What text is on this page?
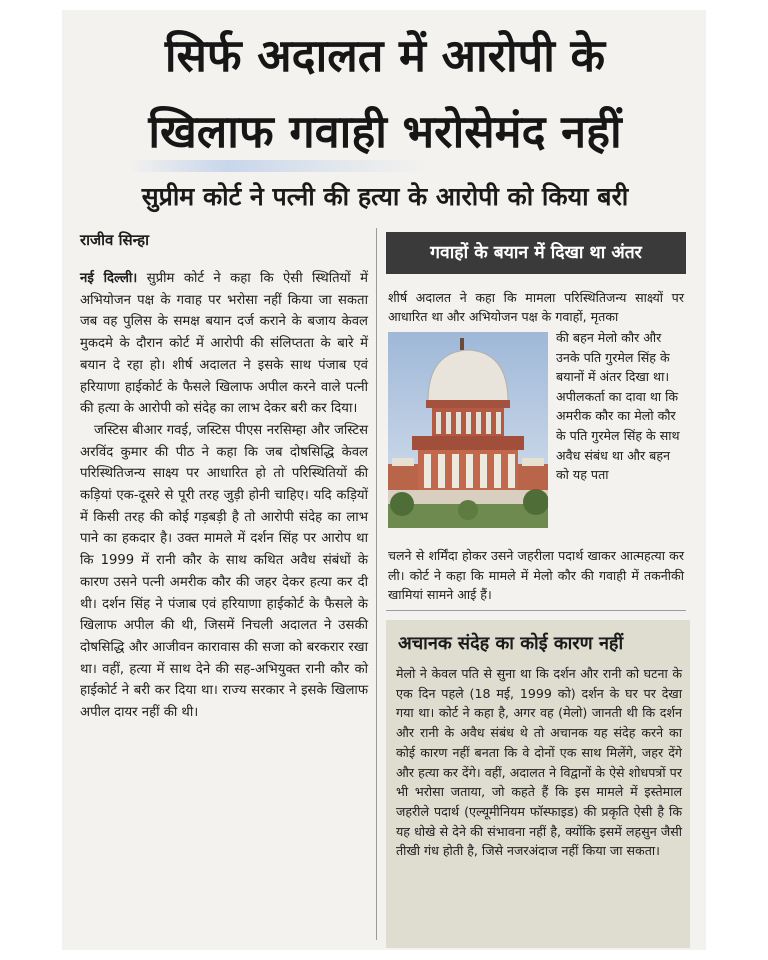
सिर्फ अदालत में आरोपी के
खिलाफ गवाही भरोसेमंद नहीं
सुप्रीम कोर्ट ने पत्नी की हत्या के आरोपी को किया बरी

राजीव सिन्हा

नई दिल्ली। सुप्रीम कोर्ट ने कहा कि ऐसी स्थितियों में अभियोजन पक्ष के गवाह पर भरोसा नहीं किया जा सकता जब वह पुलिस के समक्ष बयान दर्ज कराने के बजाय केवल मुकदमे के दौरान कोर्ट में आरोपी की संलिप्तता के बारे में बयान दे रहा हो। शीर्ष अदालत ने इसके साथ पंजाब एवं हरियाणा हाईकोर्ट के फैसले खिलाफ अपील करने वाले पत्नी की हत्या के आरोपी को संदेह का लाभ देकर बरी कर दिया।

जस्टिस बीआर गवई, जस्टिस पीएस नरसिम्हा और जस्टिस अरविंद कुमार की पीठ ने कहा कि जब दोषसिद्धि केवल परिस्थितिजन्य साक्ष्य पर आधारित हो तो परिस्थितियों की कड़ियां एक-दूसरे से पूरी तरह जुड़ी होनी चाहिए। यदि कड़ियों में किसी तरह की कोई गड़बड़ी है तो आरोपी संदेह का लाभ पाने का हकदार है। उक्त मामले में दर्शन सिंह पर आरोप था कि 1999 में रानी कौर के साथ कथित अवैध संबंधों के कारण उसने पत्नी अमरीक कौर की जहर देकर हत्या कर दी थी। दर्शन सिंह ने पंजाब एवं हरियाणा हाईकोर्ट के फैसले के खिलाफ अपील की थी, जिसमें निचली अदालत ने उसकी दोषसिद्धि और आजीवन कारावास की सजा को बरकरार रखा था। वहीं, हत्या में साथ देने की सह-अभियुक्त रानी कौर को हाईकोर्ट ने बरी कर दिया था। राज्य सरकार ने इसके खिलाफ अपील दायर नहीं की थी।

गवाहों के बयान में दिखा था अंतर

शीर्ष अदालत ने कहा कि मामला परिस्थितिजन्य साक्ष्यों पर आधारित था और अभियोजन पक्ष के गवाहों, मृतका

की बहन मेलो कौर और उनके पति गुरमेल सिंह के बयानों में अंतर दिखा था। अपीलकर्ता का दावा था कि अमरीक कौर का मेलो कौर के पति गुरमेल सिंह के साथ अवैध संबंध था और बहन को यह पता

चलने से शर्मिंदा होकर उसने जहरीला पदार्थ खाकर आत्महत्या कर ली। कोर्ट ने कहा कि मामले में मेलो कौर की गवाही में तकनीकी खामियां सामने आई हैं।

अचानक संदेह का कोई कारण नहीं

मेलो ने केवल पति से सुना था कि दर्शन और रानी को घटना के एक दिन पहले (18 मई, 1999 को) दर्शन के घर पर देखा गया था। कोर्ट ने कहा है, अगर वह (मेलो) जानती थी कि दर्शन और रानी के अवैध संबंध थे तो अचानक यह संदेह करने का कोई कारण नहीं बनता कि वे दोनों एक साथ मिलेंगे, जहर देंगे और हत्या कर देंगे। वहीं, अदालत ने विद्वानों के ऐसे शोधपत्रों पर भी भरोसा जताया, जो कहते हैं कि इस मामले में इस्तेमाल जहरीले पदार्थ (एल्यूमीनियम फॉस्फाइड) की प्रकृति ऐसी है कि यह धोखे से देने की संभावना नहीं है, क्योंकि इसमें लहसुन जैसी तीखी गंध होती है, जिसे नजरअंदाज नहीं किया जा सकता।
